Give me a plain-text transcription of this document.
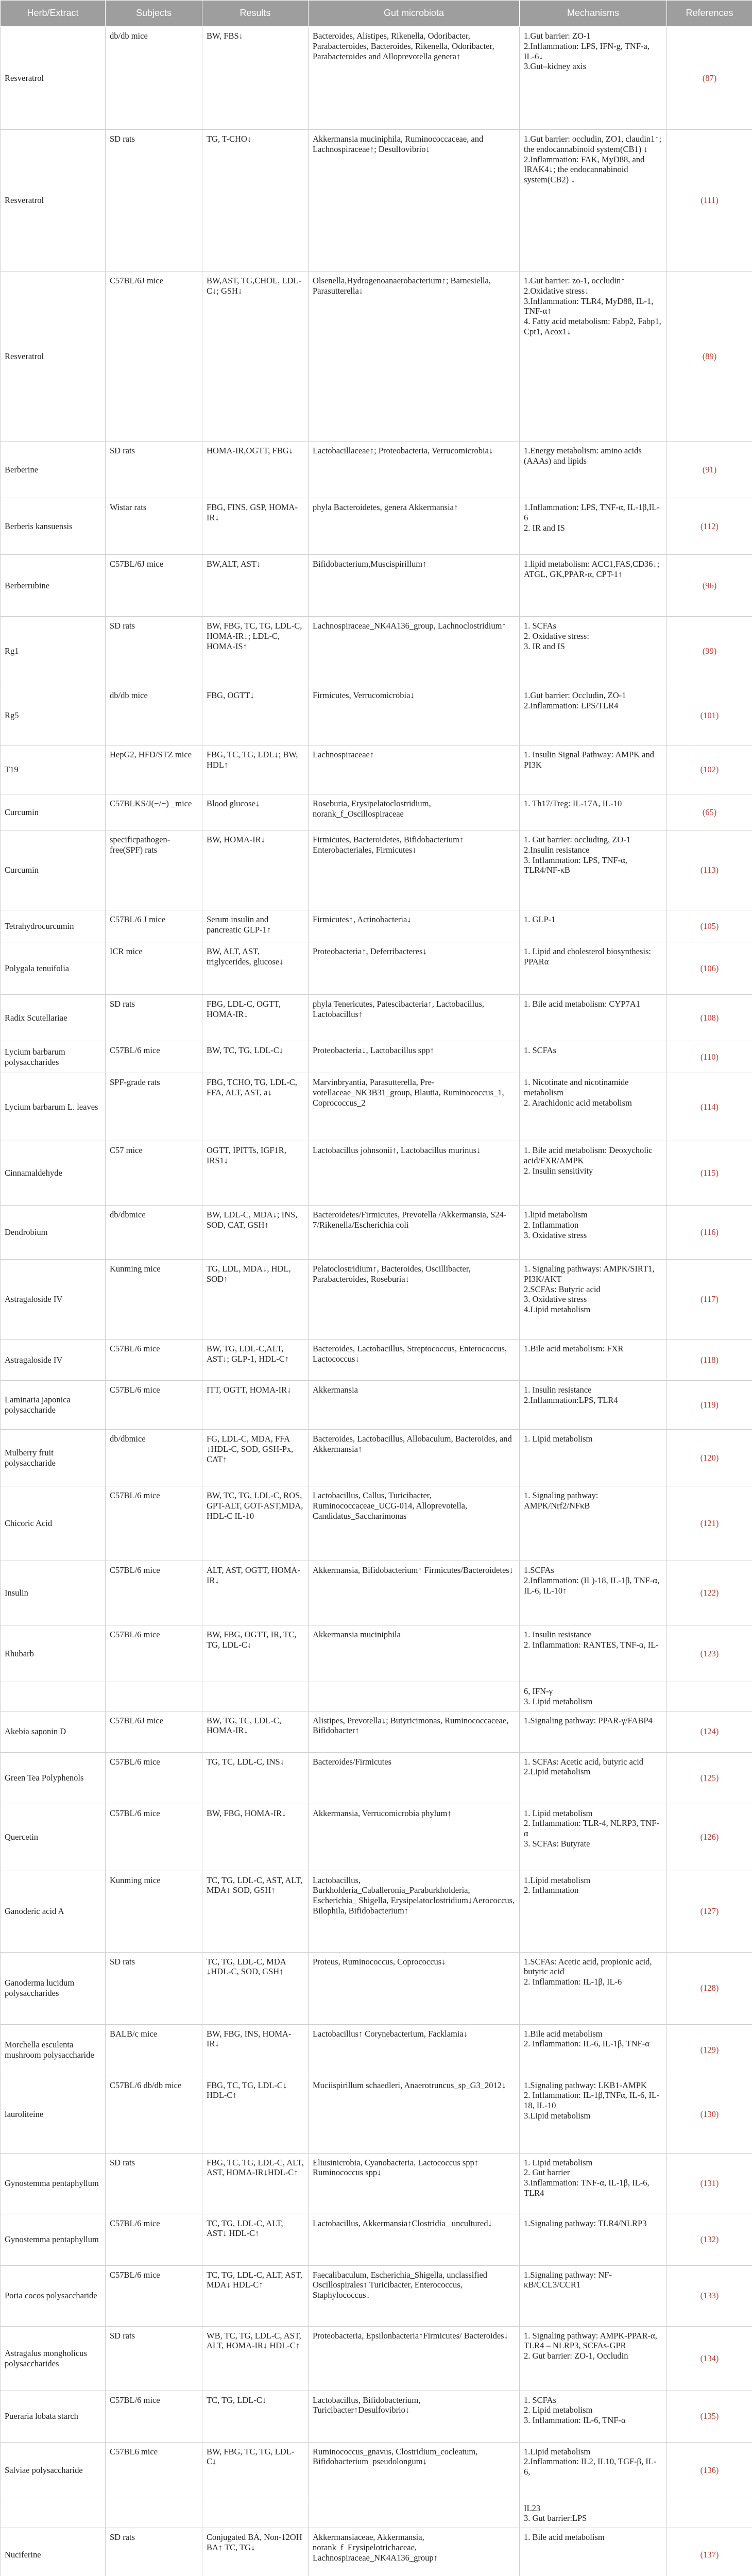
Herb/Extract	Subjects	Results	Gut microbiota	Mechanisms	References
Resveratrol	db/db mice	BW, FBS↓	Bacteroides, Alistipes, Rikenella, Odoribacter, Parabacteroides, Bacteroides, Rikenella, Odoribacter, Parabacteroides and Alloprevotella genera↑	1.Gut barrier: ZO-1
2.Inflammation: LPS, IFN-g, TNF-a, IL-6↓
3.Gut–kidney axis	(87)
Resveratrol	SD rats	TG, T-CHO↓	Akkermansia muciniphila, Ruminococcaceae, and Lachnospiraceae↑; Desulfovibrio↓	1.Gut barrier: occludin, ZO1, claudin1↑; the endocannabinoid system(CB1) ↓
2.Inflammation: FAK, MyD88, and IRAK4↓; the endocannabinoid system(CB2) ↓	(111)
Resveratrol	C57BL/6J mice	BW,AST, TG,CHOL, LDL-C↓; GSH↓	Olsenella,Hydrogenoanaerobacterium↑; Barnesiella, Parasutterella↓	1.Gut barrier: zo-1, occludin↑
2.Oxidative stress↓
3.Inflammation: TLR4, MyD88, IL-1, TNF-α↑
4. Fatty acid metabolism: Fabp2, Fabp1, Cpt1, Acox1↓	(89)
Berberine	SD rats	HOMA-IR,OGTT, FBG↓	Lactobacillaceae↑; Proteobacteria, Verrucomicrobia↓	1.Energy metabolism: amino acids (AAAs) and lipids	(91)
Berberis kansuensis	Wistar rats	FBG, FINS, GSP, HOMA-IR↓	phyla Bacteroidetes, genera Akkermansia↑	1.Inflammation: LPS, TNF-α, IL-1β,IL-6
2. IR and IS	(112)
Berberrubine	C57BL/6J mice	BW,ALT, AST↓	Bifidobacterium,Muscispirillum↑	1.lipid metabolism: ACC1,FAS,CD36↓; ATGL, GK,PPAR-α, CPT-1↑	(96)
Rg1	SD rats	BW, FBG, TC, TG, LDL-C, HOMA-IR↓; LDL-C, HOMA-IS↑	Lachnospiraceae_NK4A136_group, Lachnoclostridium↑	1. SCFAs
2. Oxidative stress:
3. IR and IS	(99)
Rg5	db/db mice	FBG, OGTT↓	Firmicutes, Verrucomicrobia↓	1.Gut barrier: Occludin, ZO-1
2.Inflammation: LPS/TLR4	(101)
T19	HepG2, HFD/STZ mice	FBG, TC, TG, LDL↓; BW, HDL↑	Lachnospiraceae↑	1. Insulin Signal Pathway: AMPK and PI3K	(102)
Curcumin	C57BLKS/J(−/−) _mice	Blood glucose↓	Roseburia, Erysipelatoclostridium, norank_f_Oscillospiraceae	1. Th17/Treg: IL-17A, IL-10	(65)
Curcumin	specificpathogen-free(SPF) rats	BW, HOMA-IR↓	Firmicutes, Bacteroidetes, Bifidobacterium↑ Enterobacteriales, Firmicutes↓	1. Gut barrier: occluding, ZO-1
2.Insulin resistance
3. Inflammation: LPS, TNF-α, TLR4/NF-κB	(113)
Tetrahydrocurcumin	C57BL/6 J mice	Serum insulin and pancreatic GLP-1↑	Firmicutes↑, Actinobacteria↓	1. GLP-1	(105)
Polygala tenuifolia	ICR mice	BW, ALT, AST, triglycerides, glucose↓	Proteobacteria↑, Deferribacteres↓	1. Lipid and cholesterol biosynthesis: PPARα	(106)
Radix Scutellariae	SD rats	FBG, LDL-C, OGTT, HOMA-IR↓	phyla Tenericutes, Patescibacteria↑, Lactobacillus, Lactobacillus↑	1. Bile acid metabolism: CYP7A1	(108)
Lycium barbarum polysaccharides	C57BL/6 mice	BW, TC, TG, LDL-C↓	Proteobacteria↓, Lactobacillus spp↑	1. SCFAs	(110)
Lycium barbarum L. leaves	SPF-grade rats	FBG, TCHO, TG, LDL-C, FFA, ALT, AST, a↓	Marvinbryantia, Parasutterella, Pre-votellaceae_NK3B31_group, Blautia, Ruminococcus_1, Coprococcus_2	1. Nicotinate and nicotinamide metabolism
2. Arachidonic acid metabolism	(114)
Cinnamaldehyde	C57 mice	OGTT, IPITTs, IGF1R, IRS1↓	Lactobacillus johnsonii↑, Lactobacillus murinus↓	1. Bile acid metabolism: Deoxycholic acid/FXR/AMPK
2. Insulin sensitivity	(115)
Dendrobium	db/dbmice	BW, LDL-C, MDA↓; INS, SOD, CAT, GSH↑	Bacteroidetes/Firmicutes, Prevotella /Akkermansia, S24-7/Rikenella/Escherichia coli	1.lipid metabolism
2. Inflammation
3. Oxidative stress	(116)
Astragaloside IV	Kunming mice	TG, LDL, MDA↓, HDL, SOD↑	Pelatoclostridium↑, Bacteroides, Oscillibacter, Parabacteroides, Roseburia↓	1. Signaling pathways: AMPK/SIRT1, PI3K/AKT
2.SCFAs: Butyric acid
3. Oxidative stress
4.Lipid metabolism	(117)
Astragaloside IV	C57BL/6 mice	BW, TG, LDL-C,ALT, AST↓; GLP-1, HDL-C↑	Bacteroides, Lactobacillus, Streptococcus, Enterococcus, Lactococcus↓	1.Bile acid metabolism: FXR	(118)
Laminaria japonica polysaccharide	C57BL/6 mice	ITT, OGTT, HOMA-IR↓	Akkermansia	1. Insulin resistance
2.Inflammation:LPS, TLR4	(119)
Mulberry fruit polysaccharide	db/dbmice	FG, LDL-C, MDA, FFA ↓HDL-C, SOD, GSH-Px, CAT↑	Bacteroides, Lactobacillus, Allobaculum, Bacteroides, and Akkermansia↑	1. Lipid metabolism	(120)
Chicoric Acid	C57BL/6 mice	BW, TC, TG, LDL-C, ROS, GPT-ALT, GOT-AST,MDA, HDL-C IL-10	Lactobacillus, Callus, Turicibacter, Ruminococcaceae_UCG-014, Alloprevotella, Candidatus_Saccharimonas	1. Signaling pathway: AMPK/Nrf2/NFκB	(121)
Insulin	C57BL/6 mice	ALT, AST, OGTT, HOMA-IR↓	Akkermansia, Bifidobacterium↑ Firmicutes/Bacteroidetes↓	1.SCFAs
2.Inflammation: (IL)-18, IL-1β, TNF-α, IL-6, IL-10↑	(122)
Rhubarb	C57BL/6 mice	BW, FBG, OGTT, IR, TC, TG, LDL-C↓	Akkermansia muciniphila	1. Insulin resistance
2. Inflammation: RANTES, TNF-α, IL-	(123)
				6, IFN-γ
3. Lipid metabolism	
Akebia saponin D	C57BL/6J mice	BW, TG, TC, LDL-C, HOMA-IR↓	Alistipes, Prevotella↓; Butyricimonas, Ruminococcaceae, Bifidobacter↑	1.Signaling pathway: PPAR-γ/FABP4	(124)
Green Tea Polyphenols	C57BL/6 mice	TG, TC, LDL-C, INS↓	Bacteroides/Firmicutes	1. SCFAs: Acetic acid, butyric acid
2.Lipid metabolism	(125)
Quercetin	C57BL/6 mice	BW, FBG, HOMA-IR↓	Akkermansia, Verrucomicrobia phylum↑	1. Lipid metabolism
2. Inflammation: TLR-4, NLRP3, TNF-α
3. SCFAs: Butyrate	(126)
Ganoderic acid A	Kunming mice	TC, TG, LDL-C, AST, ALT, MDA↓ SOD, GSH↑	Lactobacillus, Burkholderia_Caballeronia_Paraburkholderia, Escherichia_ Shigella, Erysipelatoclostridium↓Aerococcus, Bilophila, Bifidobacterium↑	1.Lipid metabolism
2. Inflammation	(127)
Ganoderma lucidum polysaccharides	SD rats	TC, TG, LDL-C, MDA ↓HDL-C, SOD, GSH↑	Proteus, Ruminococcus, Coprococcus↓	1.SCFAs: Acetic acid, propionic acid, butyric acid
2. Inflammation: IL-1β, IL-6	(128)
Morchella esculenta mushroom polysaccharide	BALB/c mice	BW, FBG, INS, HOMA-IR↓	Lactobacillus↑ Corynebacterium, Facklamia↓	1.Bile acid metabolism
2. Inflammation: IL-6, IL-1β, TNF-α	(129)
lauroliteine	C57BL/6 db/db mice	FBG, TC, TG, LDL-C↓ HDL-C↑	Muciispirillum schaedleri, Anaerotruncus_sp_G3_2012↓	1.Signaling pathway: LKB1-AMPK
2. Inflammation: IL-1β,TNFα, IL-6, IL-18, IL-10
3.Lipid metabolism	(130)
Gynostemma pentaphyllum	SD rats	FBG, TC, TG, LDL-C, ALT, AST, HOMA-IR↓HDL-C↑	Eliusinicrobia, Cyanobacteria, Lactococcus spp↑ Ruminococcus spp↓	1. Lipid metabolism
2. Gut barrier
3.Inflammation: TNF-α, IL-1β, IL-6, TLR4	(131)
Gynostemma pentaphyllum	C57BL/6 mice	TC, TG, LDL-C, ALT, AST↓ HDL-C↑	Lactobacillus, Akkermansia↑Clostridia_ uncultured↓	1.Signaling pathway: TLR4/NLRP3	(132)
Poria cocos polysaccharide	C57BL/6 mice	TC, TG, LDL-C, ALT, AST, MDA↓ HDL-C↑	Faecalibaculum, Escherichia_Shigella, unclassified Oscillospirales↑ Turicibacter, Enterococcus, Staphylococcus↓	1.Signaling pathway: NF-κB/CCL3/CCR1	(133)
Astragalus mongholicus polysaccharides	SD rats	WB, TC, TG, LDL-C, AST, ALT, HOMA-IR↓ HDL-C↑	Proteobacteria, Epsilonbacteria↑Firmicutes/ Bacteroides↓	1. Signaling pathway: AMPK-PPAR-α, TLR4 – NLRP3, SCFAs-GPR
2. Gut barrier: ZO-1, Occludin	(134)
Pueraria lobata starch	C57BL/6 mice	TC, TG, LDL-C↓	Lactobacillus, Bifidobacterium, Turicibacter↑Desulfovibrio↓	1. SCFAs
2. Lipid metabolism
3. Inflammation: IL-6, TNF-α	(135)
Salviae polysaccharide	C57BL6 mice	BW, FBG, TC, TG, LDL-C↓	Ruminococcus_gnavus, Clostridium_cocleatum, Bifidobacterium_pseudolongum↓	1.Lipid metabolism
2.Inflammation: IL2, IL10, TGF-β, IL-6,	(136)
				IL23
3. Gut barrier:LPS	
Nuciferine	SD rats	Conjugated BA, Non-12OH BA↑ TC, TG↓	Akkermansiaceae, Akkermansia, norank_f_Erysipelotrichaceae, Lachnospiraceae_NK4A136_group↑	1. Bile acid metabolism	(137)
